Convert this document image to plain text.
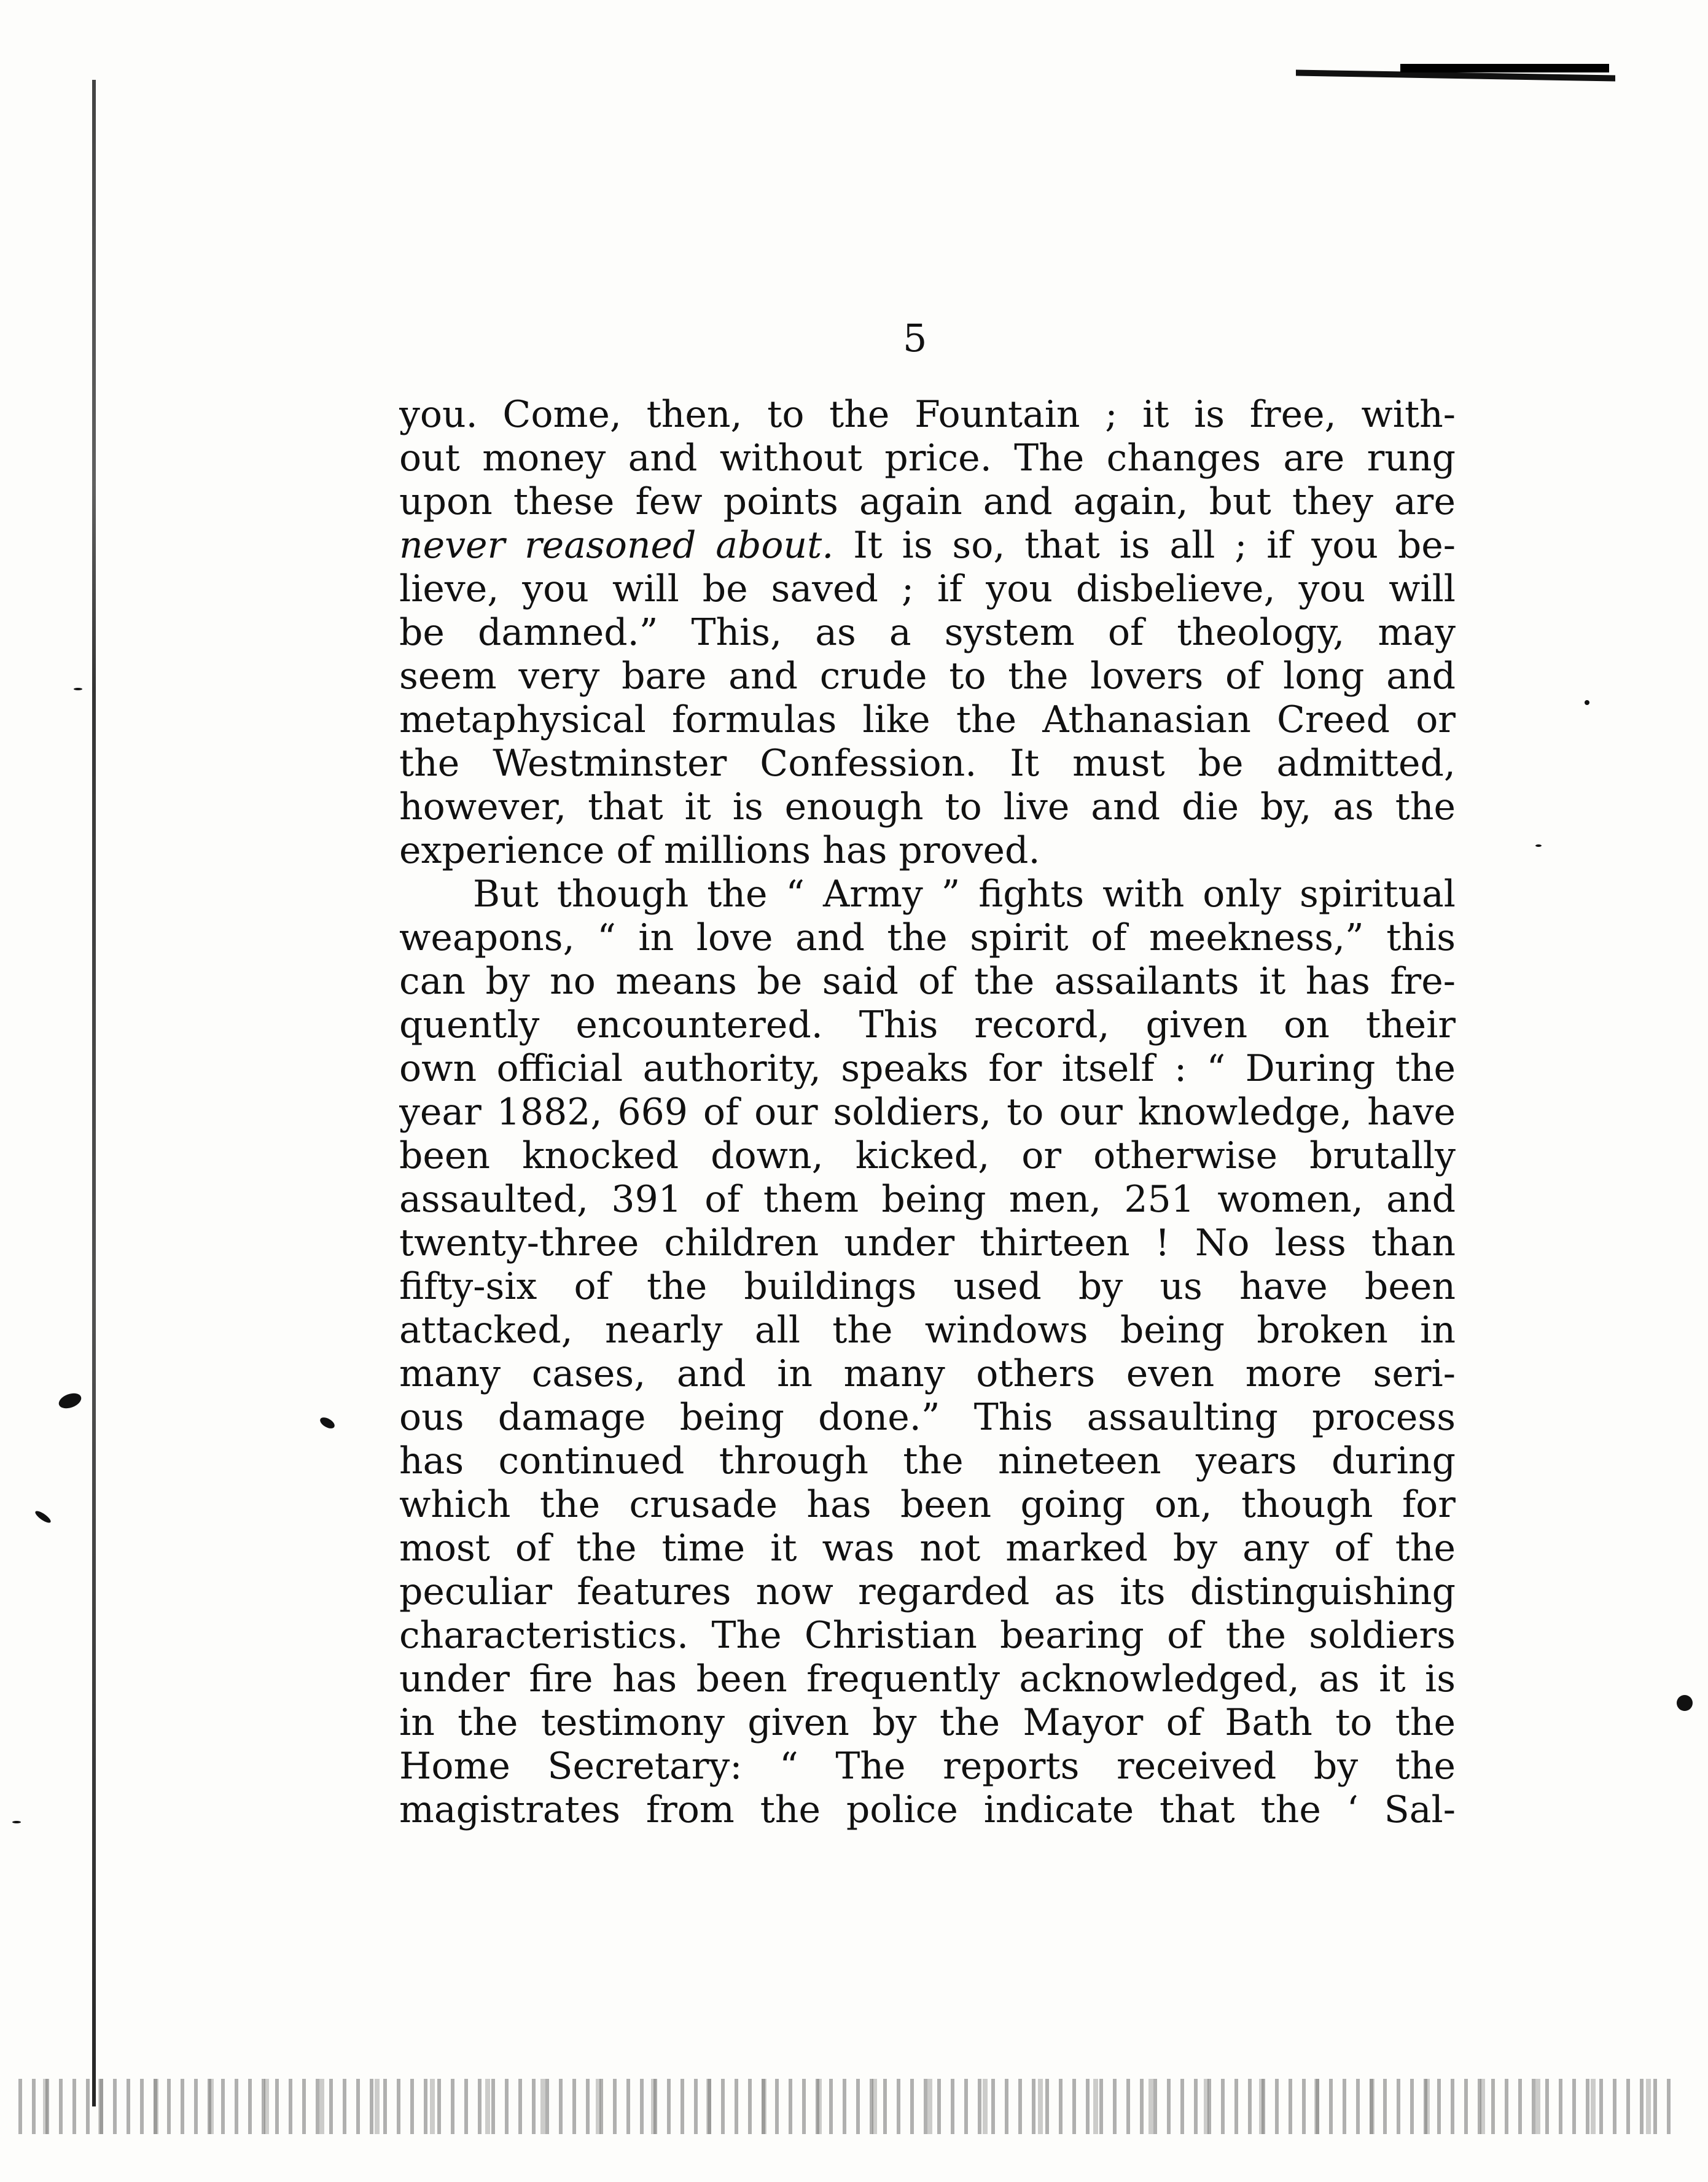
5
you. Come, then, to the Fountain ; it is free, with-
out money and without price. The changes are rung
upon these few points again and again, but they are
never reasoned about. It is so, that is all ; if you be-
lieve, you will be saved ; if you disbelieve, you will
be damned.” This, as a system of theology, may
seem very bare and crude to the lovers of long and
metaphysical formulas like the Athanasian Creed or
the Westminster Confession. It must be admitted,
however, that it is enough to live and die by, as the
experience of millions has proved.
But though the “ Army ” fights with only spiritual
weapons, “ in love and the spirit of meekness,” this
can by no means be said of the assailants it has fre-
quently encountered. This record, given on their
own official authority, speaks for itself : “ During the
year 1882, 669 of our soldiers, to our knowledge, have
been knocked down, kicked, or otherwise brutally
assaulted, 391 of them being men, 251 women, and
twenty-three children under thirteen ! No less than
fifty-six of the buildings used by us have been
attacked, nearly all the windows being broken in
many cases, and in many others even more seri-
ous damage being done.” This assaulting process
has continued through the nineteen years during
which the crusade has been going on, though for
most of the time it was not marked by any of the
peculiar features now regarded as its distinguishing
characteristics. The Christian bearing of the soldiers
under fire has been frequently acknowledged, as it is
in the testimony given by the Mayor of Bath to the
Home Secretary: “ The reports received by the
magistrates from the police indicate that the ‘ Sal-
